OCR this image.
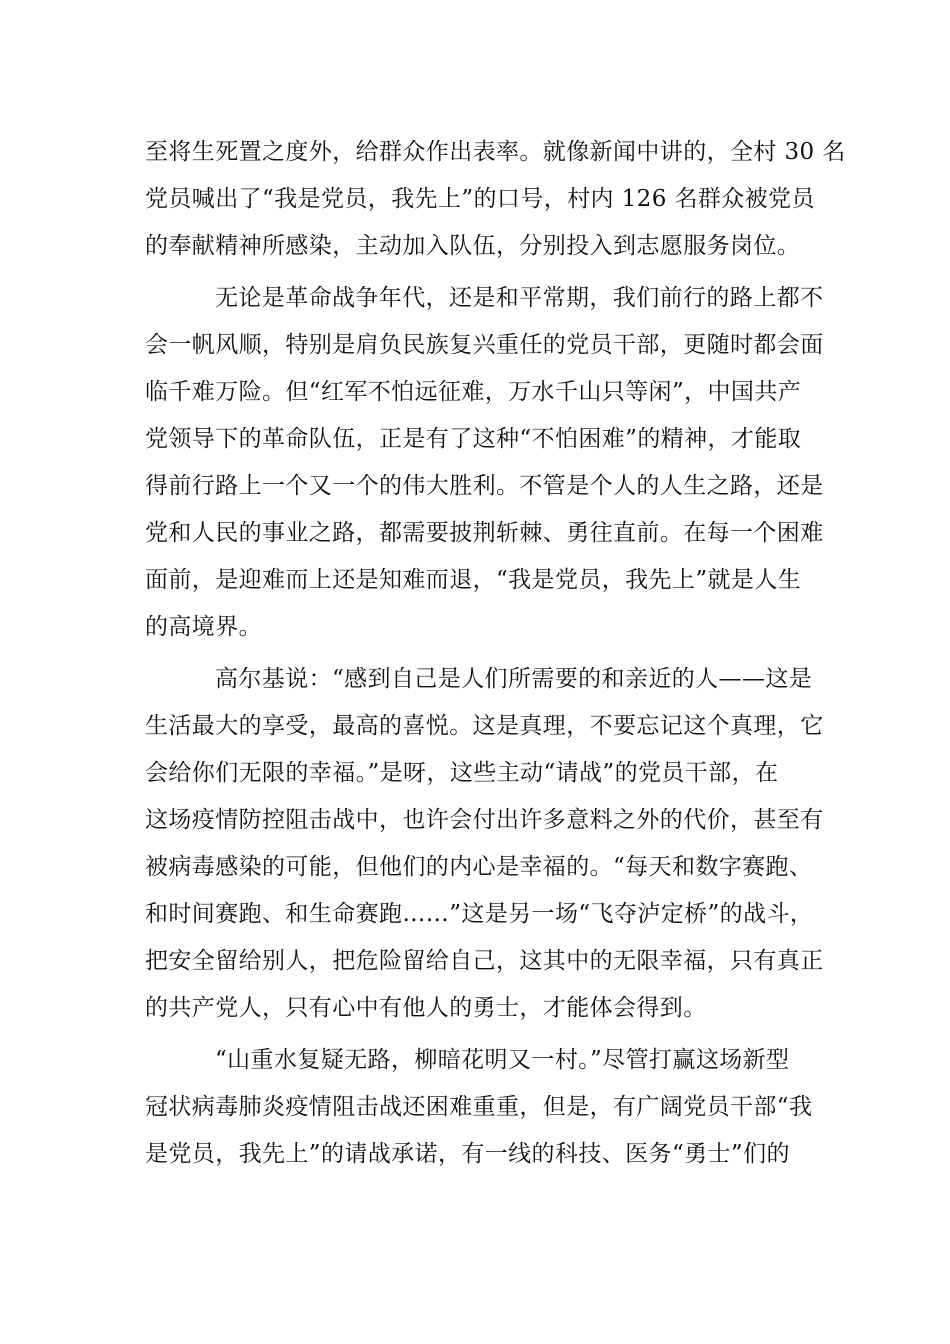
至将生死置之度外，给群众作出表率。就像新闻中讲的，全村 30 名
党员喊出了“我是党员，我先上”的口号，村内 126 名群众被党员
的奉献精神所感染，主动加入队伍，分别投入到志愿服务岗位。
无论是革命战争年代，还是和平常期，我们前行的路上都不
会一帆风顺，特别是肩负民族复兴重任的党员干部，更随时都会面
临千难万险。但“红军不怕远征难，万水千山只等闲”，中国共产
党领导下的革命队伍，正是有了这种“不怕困难”的精神，才能取
得前行路上一个又一个的伟大胜利。不管是个人的人生之路，还是
党和人民的事业之路，都需要披荆斩棘、勇往直前。在每一个困难
面前，是迎难而上还是知难而退，“我是党员，我先上”就是人生
的高境界。
高尔基说：“感到自己是人们所需要的和亲近的人——这是
生活最大的享受，最高的喜悦。这是真理，不要忘记这个真理，它
会给你们无限的幸福。”是呀，这些主动“请战”的党员干部，在
这场疫情防控阻击战中，也许会付出许多意料之外的代价，甚至有
被病毒感染的可能，但他们的内心是幸福的。“每天和数字赛跑、
和时间赛跑、和生命赛跑……”这是另一场“飞夺泸定桥”的战斗，
把安全留给别人，把危险留给自己，这其中的无限幸福，只有真正
的共产党人，只有心中有他人的勇士，才能体会得到。
“山重水复疑无路，柳暗花明又一村。”尽管打赢这场新型
冠状病毒肺炎疫情阻击战还困难重重，但是，有广阔党员干部“我
是党员，我先上”的请战承诺，有一线的科技、医务“勇士”们的
